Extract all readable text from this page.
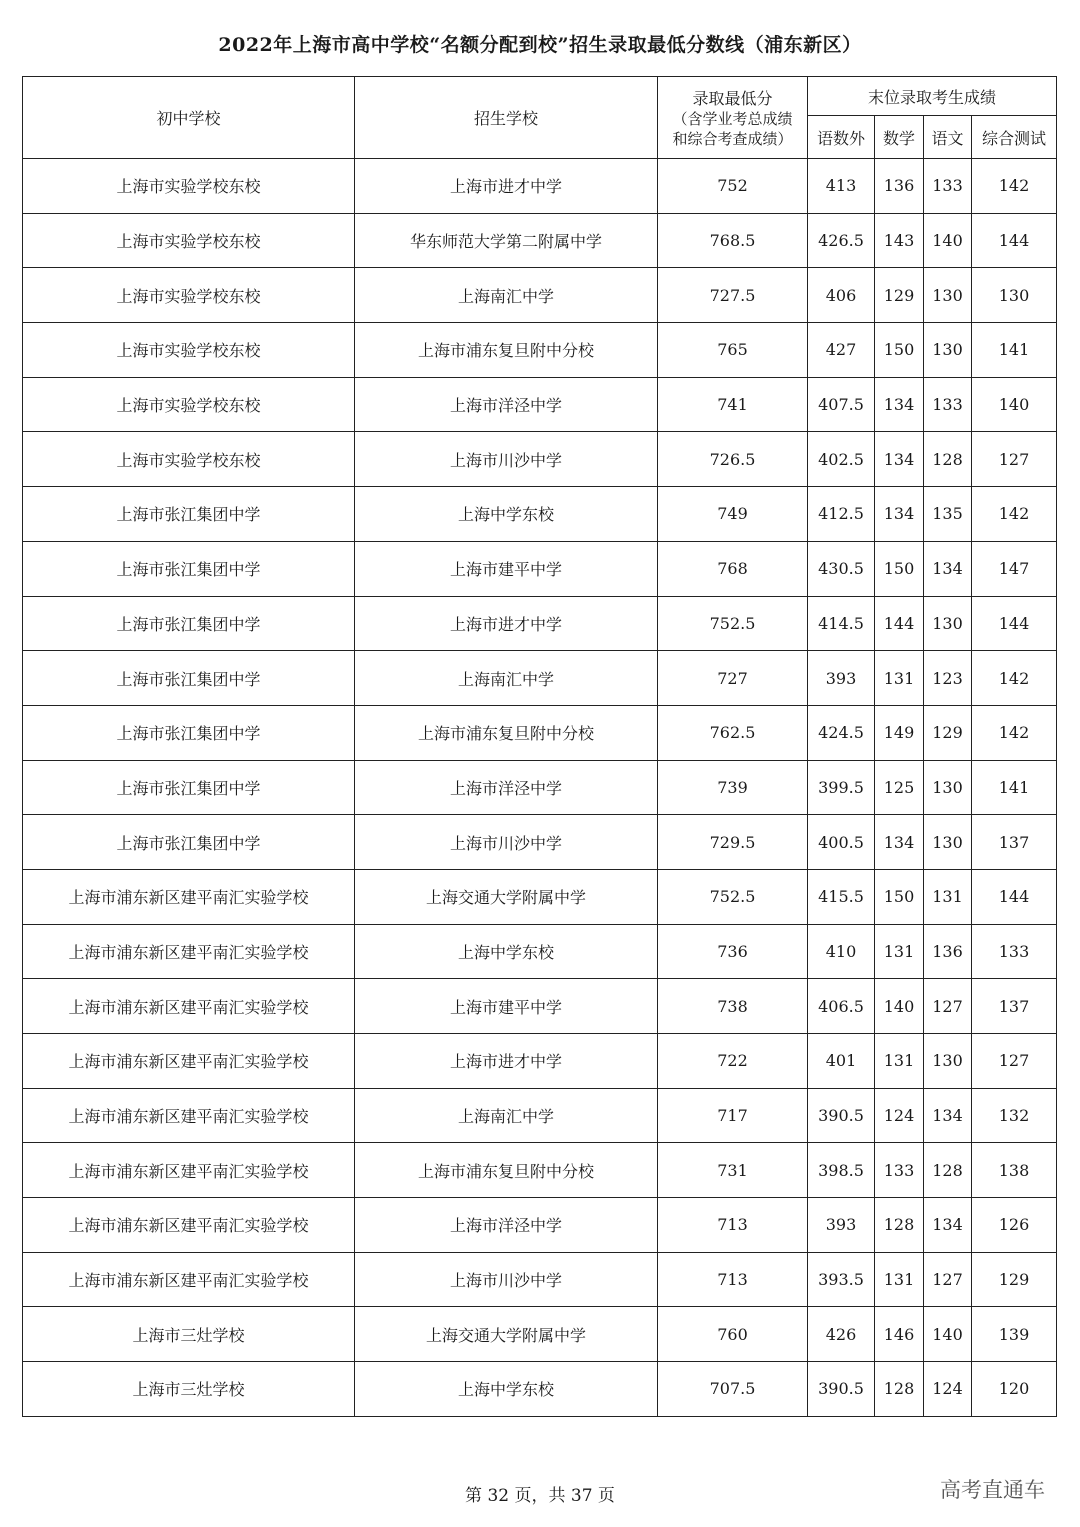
2022年上海市高中学校“名额分配到校”招生录取最低分数线（浦东新区）
初中学校	招生学校	录取最低分
（含学业考总成绩
和综合考查成绩）	末位录取考生成绩			
			语数外	数学	语文	综合测试
上海市实验学校东校	上海市进才中学	752	413	136	133	142
上海市实验学校东校	华东师范大学第二附属中学	768.5	426.5	143	140	144
上海市实验学校东校	上海南汇中学	727.5	406	129	130	130
上海市实验学校东校	上海市浦东复旦附中分校	765	427	150	130	141
上海市实验学校东校	上海市洋泾中学	741	407.5	134	133	140
上海市实验学校东校	上海市川沙中学	726.5	402.5	134	128	127
上海市张江集团中学	上海中学东校	749	412.5	134	135	142
上海市张江集团中学	上海市建平中学	768	430.5	150	134	147
上海市张江集团中学	上海市进才中学	752.5	414.5	144	130	144
上海市张江集团中学	上海南汇中学	727	393	131	123	142
上海市张江集团中学	上海市浦东复旦附中分校	762.5	424.5	149	129	142
上海市张江集团中学	上海市洋泾中学	739	399.5	125	130	141
上海市张江集团中学	上海市川沙中学	729.5	400.5	134	130	137
上海市浦东新区建平南汇实验学校	上海交通大学附属中学	752.5	415.5	150	131	144
上海市浦东新区建平南汇实验学校	上海中学东校	736	410	131	136	133
上海市浦东新区建平南汇实验学校	上海市建平中学	738	406.5	140	127	137
上海市浦东新区建平南汇实验学校	上海市进才中学	722	401	131	130	127
上海市浦东新区建平南汇实验学校	上海南汇中学	717	390.5	124	134	132
上海市浦东新区建平南汇实验学校	上海市浦东复旦附中分校	731	398.5	133	128	138
上海市浦东新区建平南汇实验学校	上海市洋泾中学	713	393	128	134	126
上海市浦东新区建平南汇实验学校	上海市川沙中学	713	393.5	131	127	129
上海市三灶学校	上海交通大学附属中学	760	426	146	140	139
上海市三灶学校	上海中学东校	707.5	390.5	128	124	120
第 32 页，共 37 页	高考直通车
